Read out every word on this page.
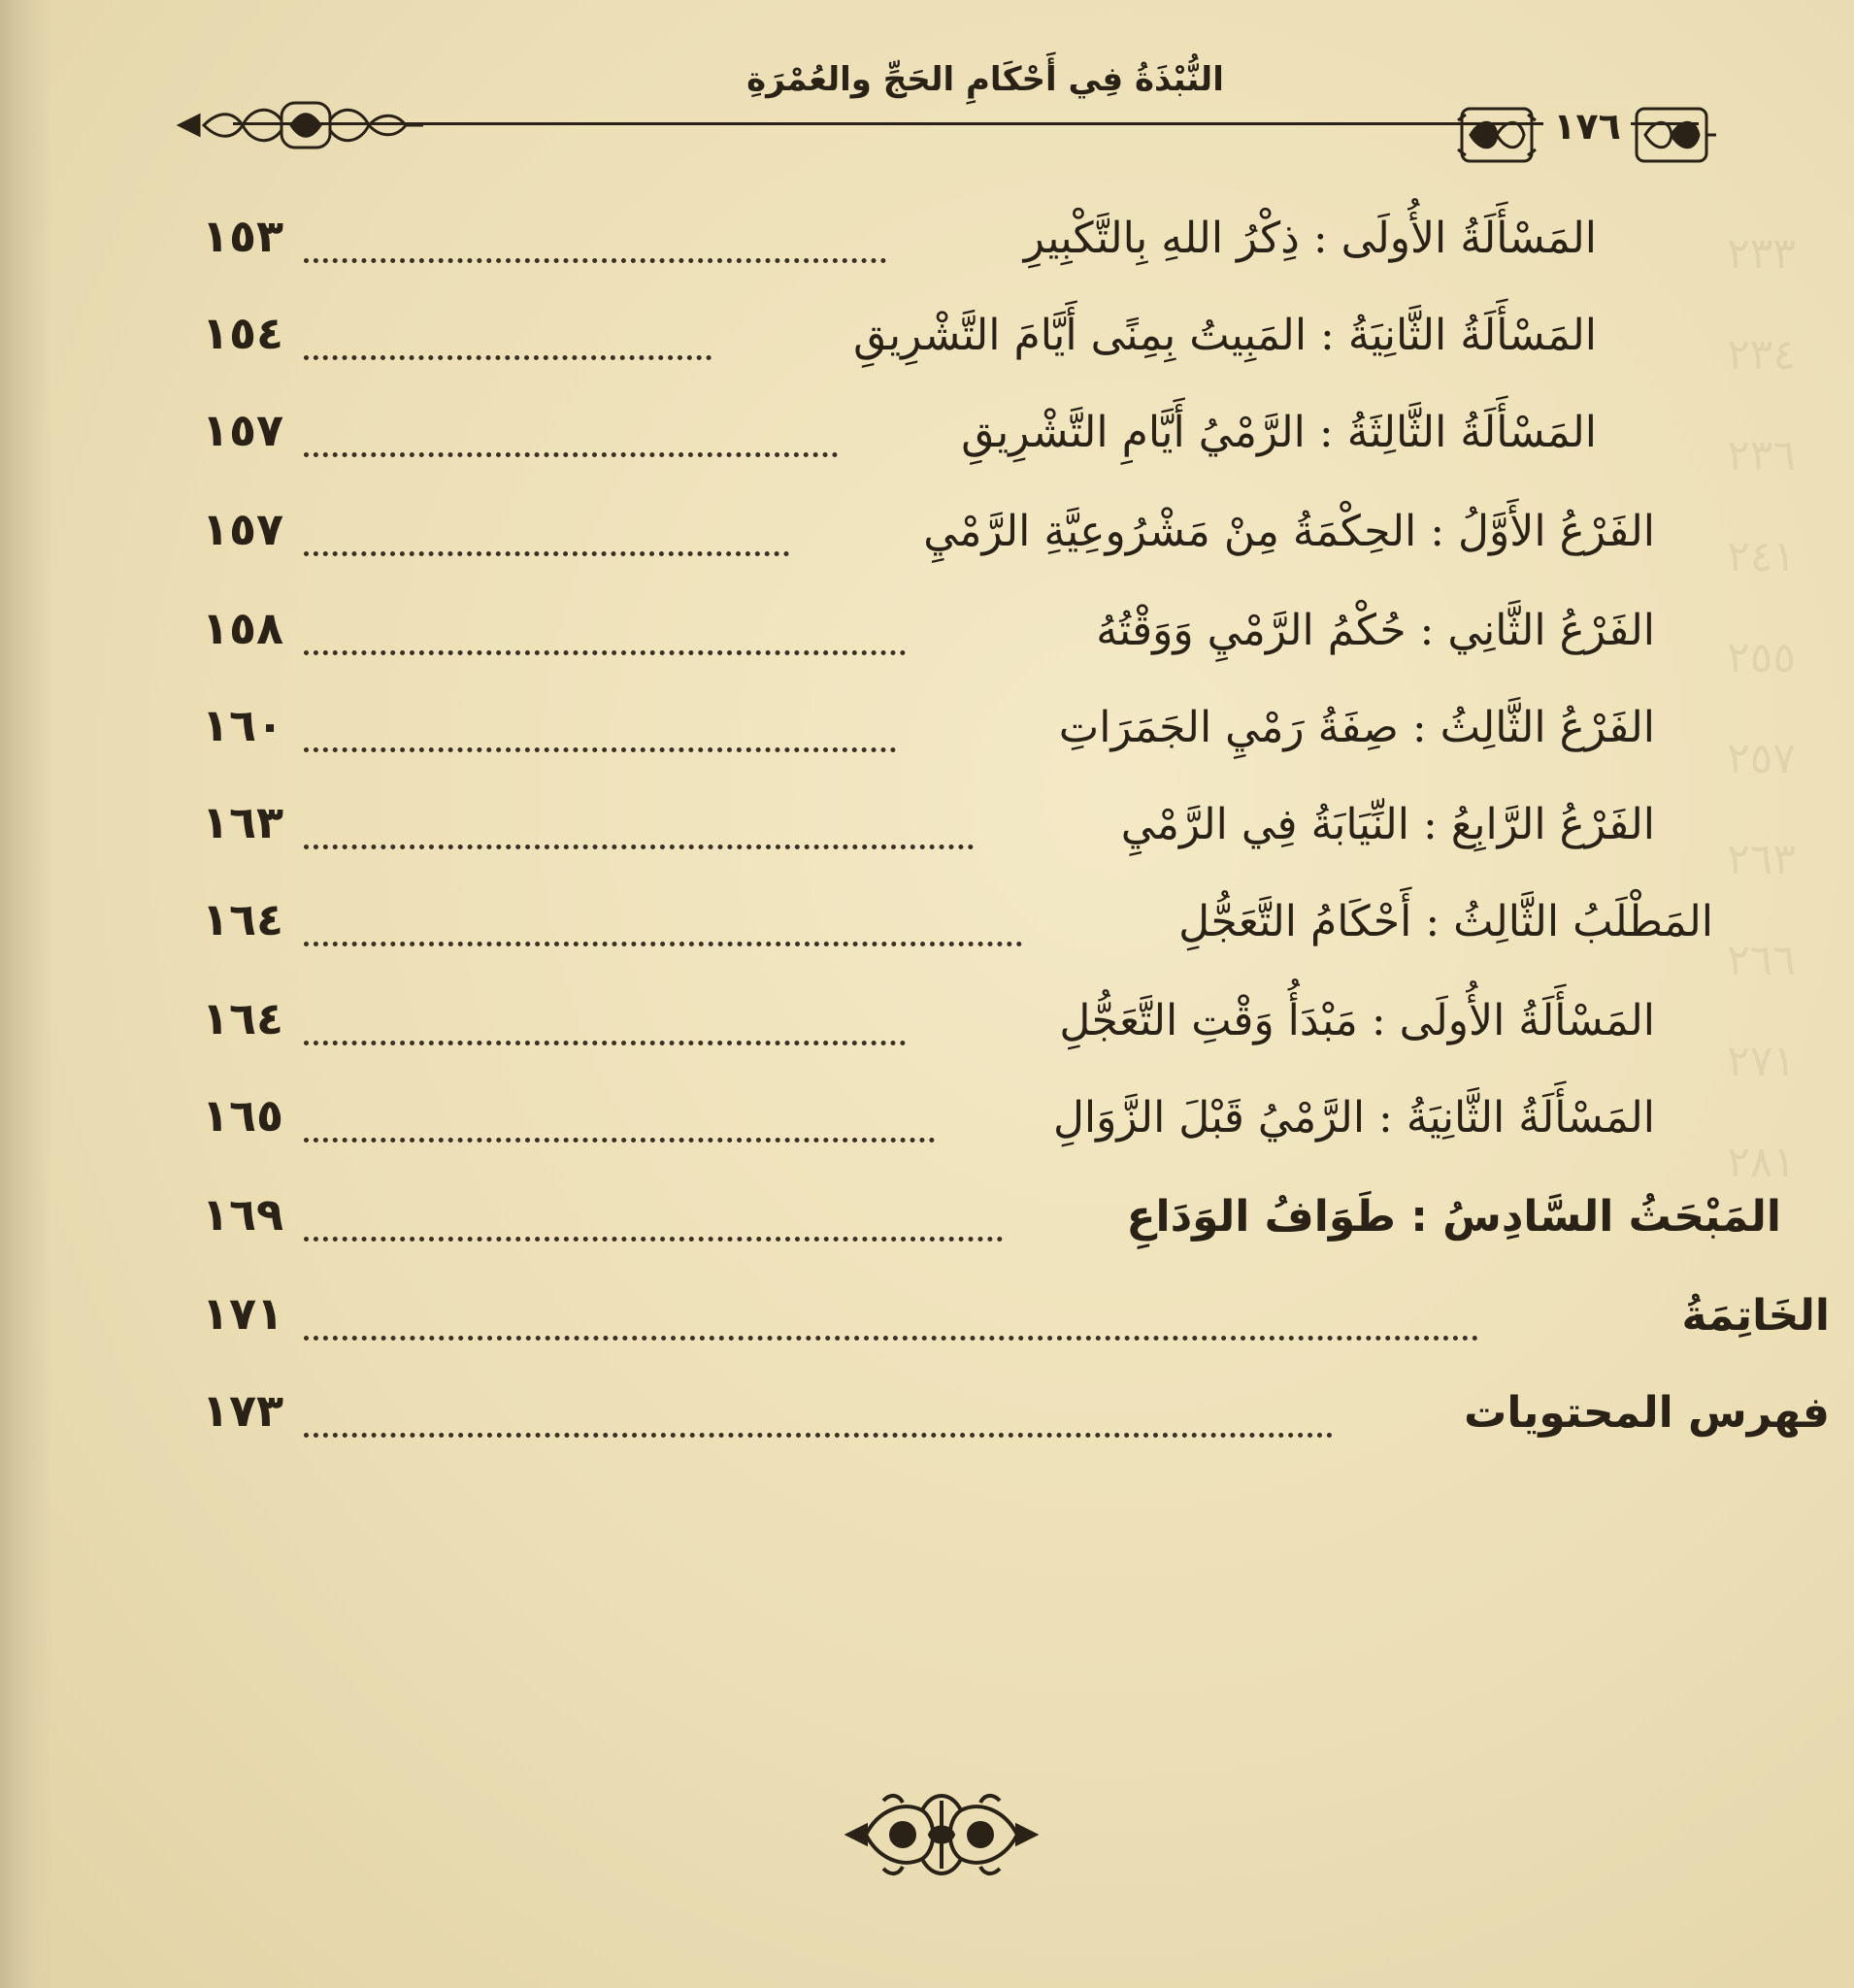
٢٣٣
٢٣٤
٢٣٦
٢٤١
٢٥٥
٢٥٧
٢٦٣
٢٦٦
٢٧١
٢٨١
النُّبْذَةُ فِي أَحْكَامِ الحَجِّ والعُمْرَةِ
١٧٦
المَسْأَلَةُ الأُولَى : ذِكْرُ اللهِ بِالتَّكْبِيرِ
١٥٣
المَسْأَلَةُ الثَّانِيَةُ : المَبِيتُ بِمِنًى أَيَّامَ التَّشْرِيقِ
١٥٤
المَسْأَلَةُ الثَّالِثَةُ : الرَّمْيُ أَيَّامِ التَّشْرِيقِ
١٥٧
الفَرْعُ الأَوَّلُ : الحِكْمَةُ مِنْ مَشْرُوعِيَّةِ الرَّمْيِ
١٥٧
الفَرْعُ الثَّانِي : حُكْمُ الرَّمْيِ وَوَقْتُهُ
١٥٨
الفَرْعُ الثَّالِثُ : صِفَةُ رَمْيِ الجَمَرَاتِ
١٦٠
الفَرْعُ الرَّابِعُ : النِّيَابَةُ فِي الرَّمْيِ
١٦٣
المَطْلَبُ الثَّالِثُ : أَحْكَامُ التَّعَجُّلِ
١٦٤
المَسْأَلَةُ الأُولَى : مَبْدَأُ وَقْتِ التَّعَجُّلِ
١٦٤
المَسْأَلَةُ الثَّانِيَةُ : الرَّمْيُ قَبْلَ الزَّوَالِ
١٦٥
المَبْحَثُ السَّادِسُ : طَوَافُ الوَدَاعِ
١٦٩
الخَاتِمَةُ
١٧١
فهرس المحتويات
١٧٣
